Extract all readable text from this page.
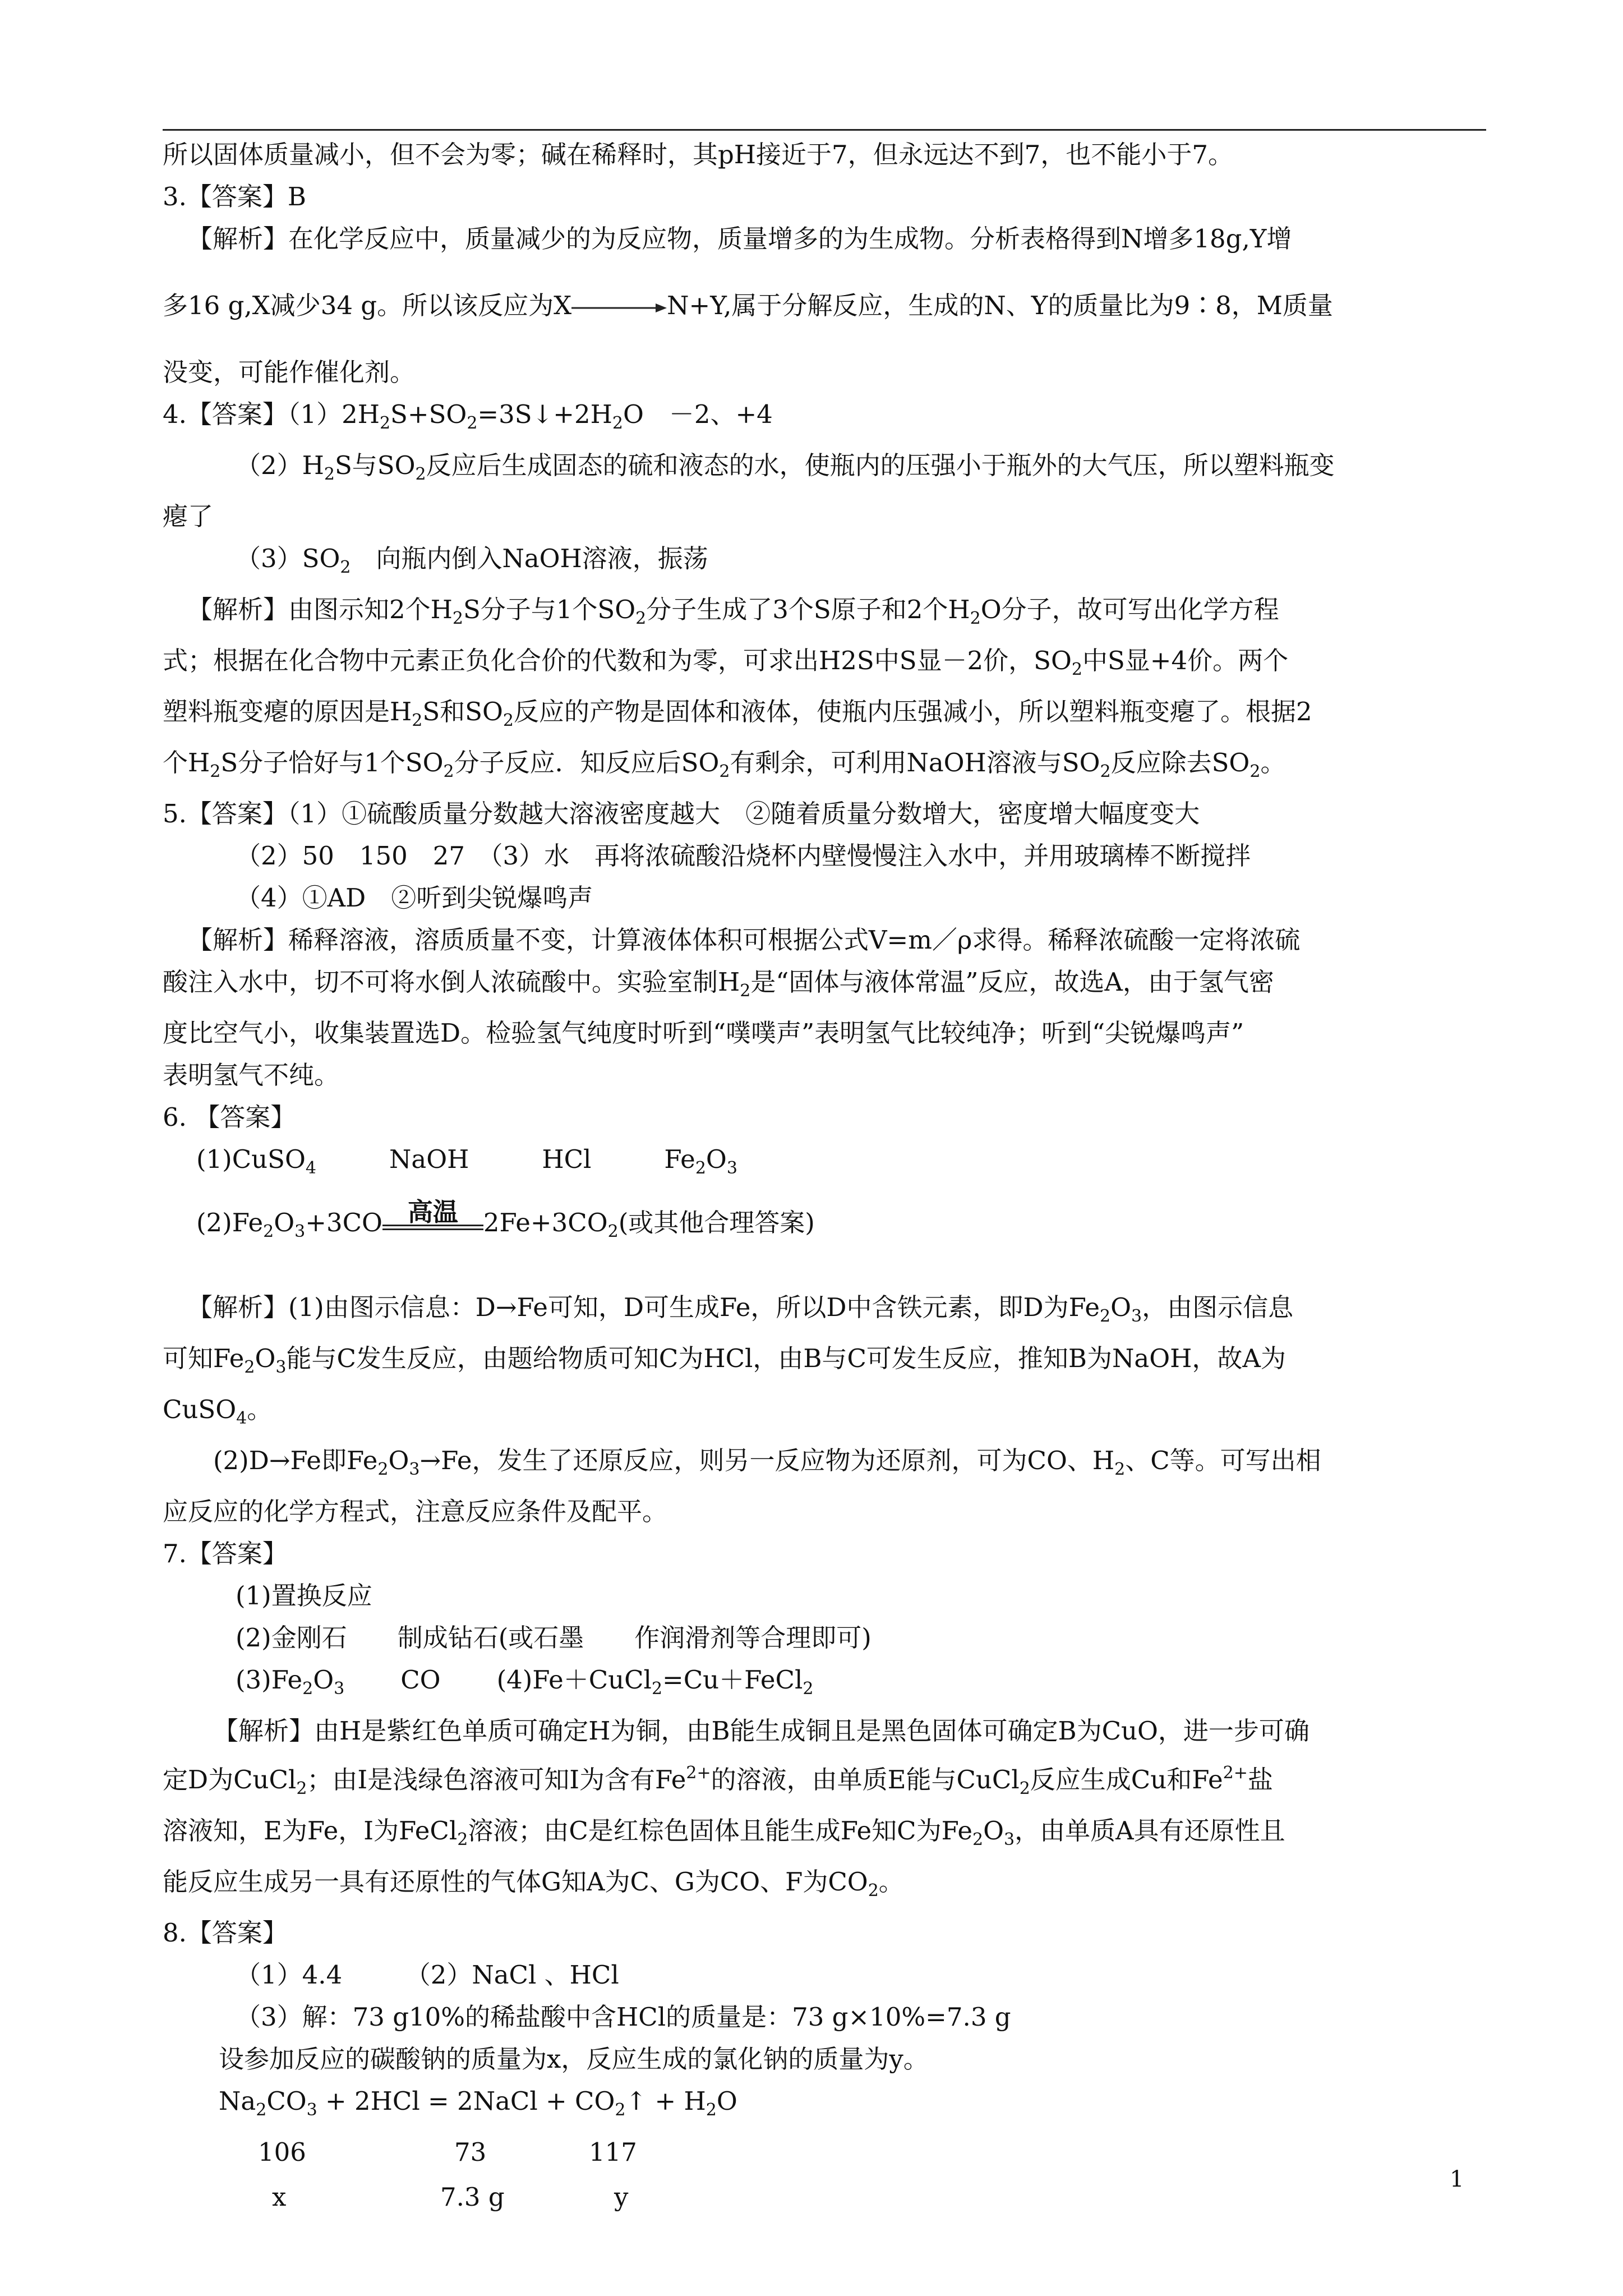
所以固体质量减小，但不会为零；碱在稀释时，其pH接近于7，但永远达不到7，也不能小于7。
3.【答案】B
【解析】在化学反应中，质量减少的为反应物，质量增多的为生成物。分析表格得到N增多18g,Y增
多16 g,X减少34 g。所以该反应为X→N+Y,属于分解反应，生成的N、Y的质量比为9∶8，M质量
没变，可能作催化剂。
4.【答案】$(1)2H_2S+SO_2=3S↓+2H_2O$　－2、+4
$(2)H_2S$与$SO_2$反应后生成固态的硫和液态的水，使瓶内的压强小于瓶外的大气压，所以塑料瓶变
瘪了
$(3)SO_2$　向瓶内倒入NaOH溶液，振荡
【解析】由图示知2个$H_2S$分子与1个$SO_2$分子生成了3个S原子和2个$H_2O$分子，故可写出化学方程
式；根据在化合物中元素正负化合价的代数和为零，可求出H2S中S显－2价，$SO_2$中S显+4价。两个
塑料瓶变瘪的原因是$H_2S$和$SO_2$反应的产物是固体和液体，使瓶内压强减小，所以塑料瓶变瘪了。根据2
个$H_2S$分子恰好与1个$SO_2$分子反应．知反应后$SO_2$有剩余，可利用NaOH溶液与$SO_2$反应除去$SO_2$。
5.【答案】（1）①硫酸质量分数越大溶液密度越大　②随着质量分数增大，密度增大幅度变大
（2）50　150　27　（3）水　再将浓硫酸沿烧杯内壁慢慢注入水中，并用玻璃棒不断搅拌
（4）①AD　②听到尖锐爆鸣声
【解析】稀释溶液，溶质质量不变，计算液体体积可根据公式V=m／ρ求得。稀释浓硫酸一定将浓硫
酸注入水中，切不可将水倒人浓硫酸中。实验室制$H_2$是“固体与液体常温”反应，故选A，由于氢气密
度比空气小，收集装置选D。检验氢气纯度时听到“噗噗声”表明氢气比较纯净；听到“尖锐爆鸣声”
表明氢气不纯。
6. 【答案】
(1)CuSO$_4$	NaOH	HCl	$Fe_2O_3$
$(2)Fe_2O_3+3CO$ 高温	$2Fe+3CO_2$(或其他合理答案)
【解析】(1)由图示信息：D→Fe可知，D可生成Fe，所以D中含铁元素，即D为$Fe_2O_3$，由图示信息
可知$Fe_2O_3$能与C发生反应，由题给物质可知C为HCl，由B与C可发生反应，推知B为NaOH，故A为
CuSO$_4$。
(2)D→Fe即$Fe_2O_3\to Fe$，发生了还原反应，则另一反应物为还原剂，可为CO、$H_2$、C等。可写出相
应反应的化学方程式，注意反应条件及配平。
7.【答案】
(1)置换反应
(2)金刚石　　制成钻石(或石墨　　作润滑剂等合理即可)
$(3)Fe_2O_3$ CO (4)Fe＋CuCl$_2$=Cu＋FeCl$_2$
【解析】由H是紫红色单质可确定H为铜，由B能生成铜且是黑色固体可确定B为CuO，进一步可确
定D为CuCl$_2$；由I是浅绿色溶液可知I为含有$Fe^{2+}$的溶液，由单质E能与CuCl$_2$反应生成Cu和$Fe^{2+}$盐
溶液知，E为Fe，I为FeCl$_2$溶液；由C是红棕色固体且能生成Fe知C为$Fe_2O_3$，由单质A具有还原性且
能反应生成另一具有还原性的气体G知A为C、G为CO、F为$CO_2$。
8.【答案】
（1）4.4　　　（2）NaCl 、HCl
（3）解：73 g10%的稀盐酸中含HCl的质量是：73 g×10%=7.3 g
设参加反应的碳酸钠的质量为x，反应生成的氯化钠的质量为y。
$Na_2CO_3 + 2HCl$ = 2NaCl + $CO_2↑ + H_2O$
106	73	117
x	7.3 g	y
1
